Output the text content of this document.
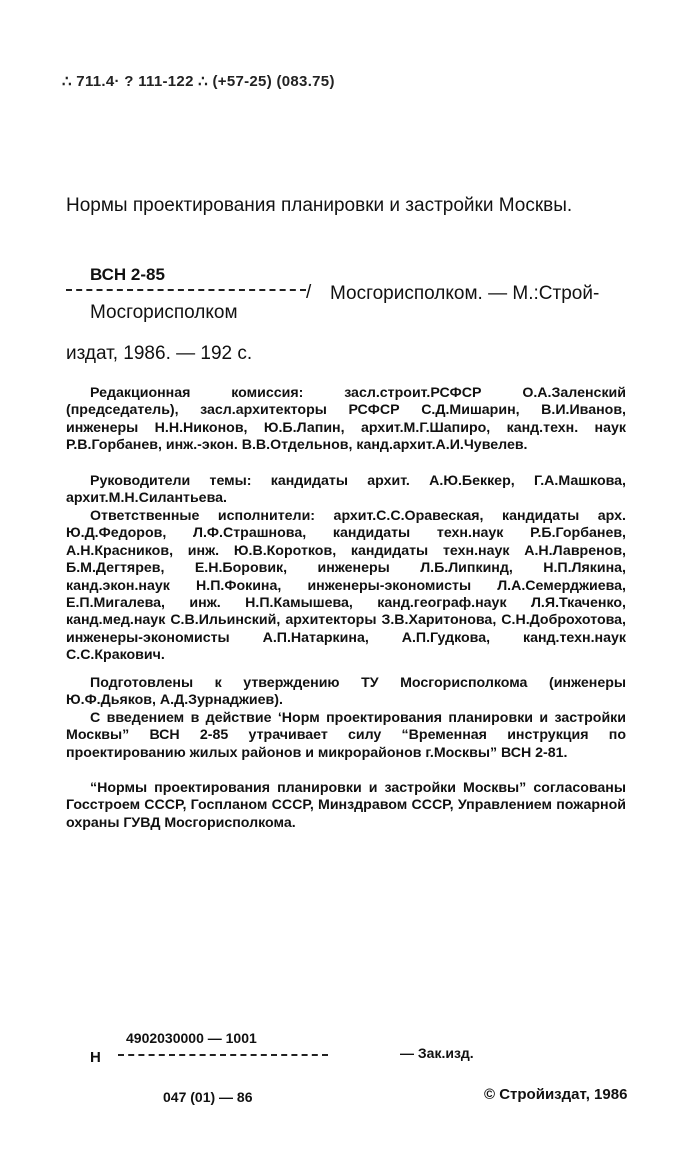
∴ 711.4· ? 111-122 ∴ (+57-25) (083.75)
Нормы проектирования планировки и застройки Москвы.
ВСН 2-85
/ Мосгорисполком. — М.:Строй-
Мосгорисполком
издат, 1986. — 192 с.

Редакционная комиссия: засл.строит.РСФСР О.А.Заленский (председатель), засл.архитекторы РСФСР С.Д.Мишарин, В.И.Иванов, инженеры Н.Н.Никонов, Ю.Б.Лапин, архит.М.Г.Шапиро, канд.техн. наук Р.В.Горбанев, инж.-экон. В.В.Отдельнов, канд.архит.А.И.Чувелев.

Руководители темы: кандидаты архит. А.Ю.Беккер, Г.А.Машкова, архит.М.Н.Силантьева.

Ответственные исполнители: архит.С.С.Оравеская, кандидаты арх. Ю.Д.Федоров, Л.Ф.Страшнова, кандидаты техн.наук Р.Б.Горбанев, А.Н.Красников, инж. Ю.В.Коротков, кандидаты техн.наук А.Н.Лавренов, Б.М.Дегтярев, Е.Н.Боровик, инженеры Л.Б.Липкинд, Н.П.Лякина, канд.экон.наук Н.П.Фокина, инженеры-экономисты Л.А.Семерджиева, Е.П.Мигалева, инж. Н.П.Камышева, канд.географ.наук Л.Я.Ткаченко, канд.мед.наук С.В.Ильинский, архитекторы З.В.Харитонова, С.Н.Доброхотова, инженеры-экономисты А.П.Натаркина, А.П.Гудкова, канд.техн.наук С.С.Кракович.

Подготовлены к утверждению ТУ Мосгорисполкома (инженеры Ю.Ф.Дьяков, А.Д.Зурнаджиев).

С введением в действие ‘Норм проектирования планировки и застройки Москвы” ВСН 2-85 утрачивает силу “Временная инструкция по проектированию жилых районов и микрорайонов г.Москвы” ВСН 2-81.

“Нормы проектирования планировки и застройки Москвы” согласованы Госстроем СССР, Госпланом СССР, Минздравом СССР, Управлением пожарной охраны ГУВД Мосгорисполкома.

Н
4902030000 — 1001
— Зак.изд.
047 (01) — 86	© Стройиздат, 1986
